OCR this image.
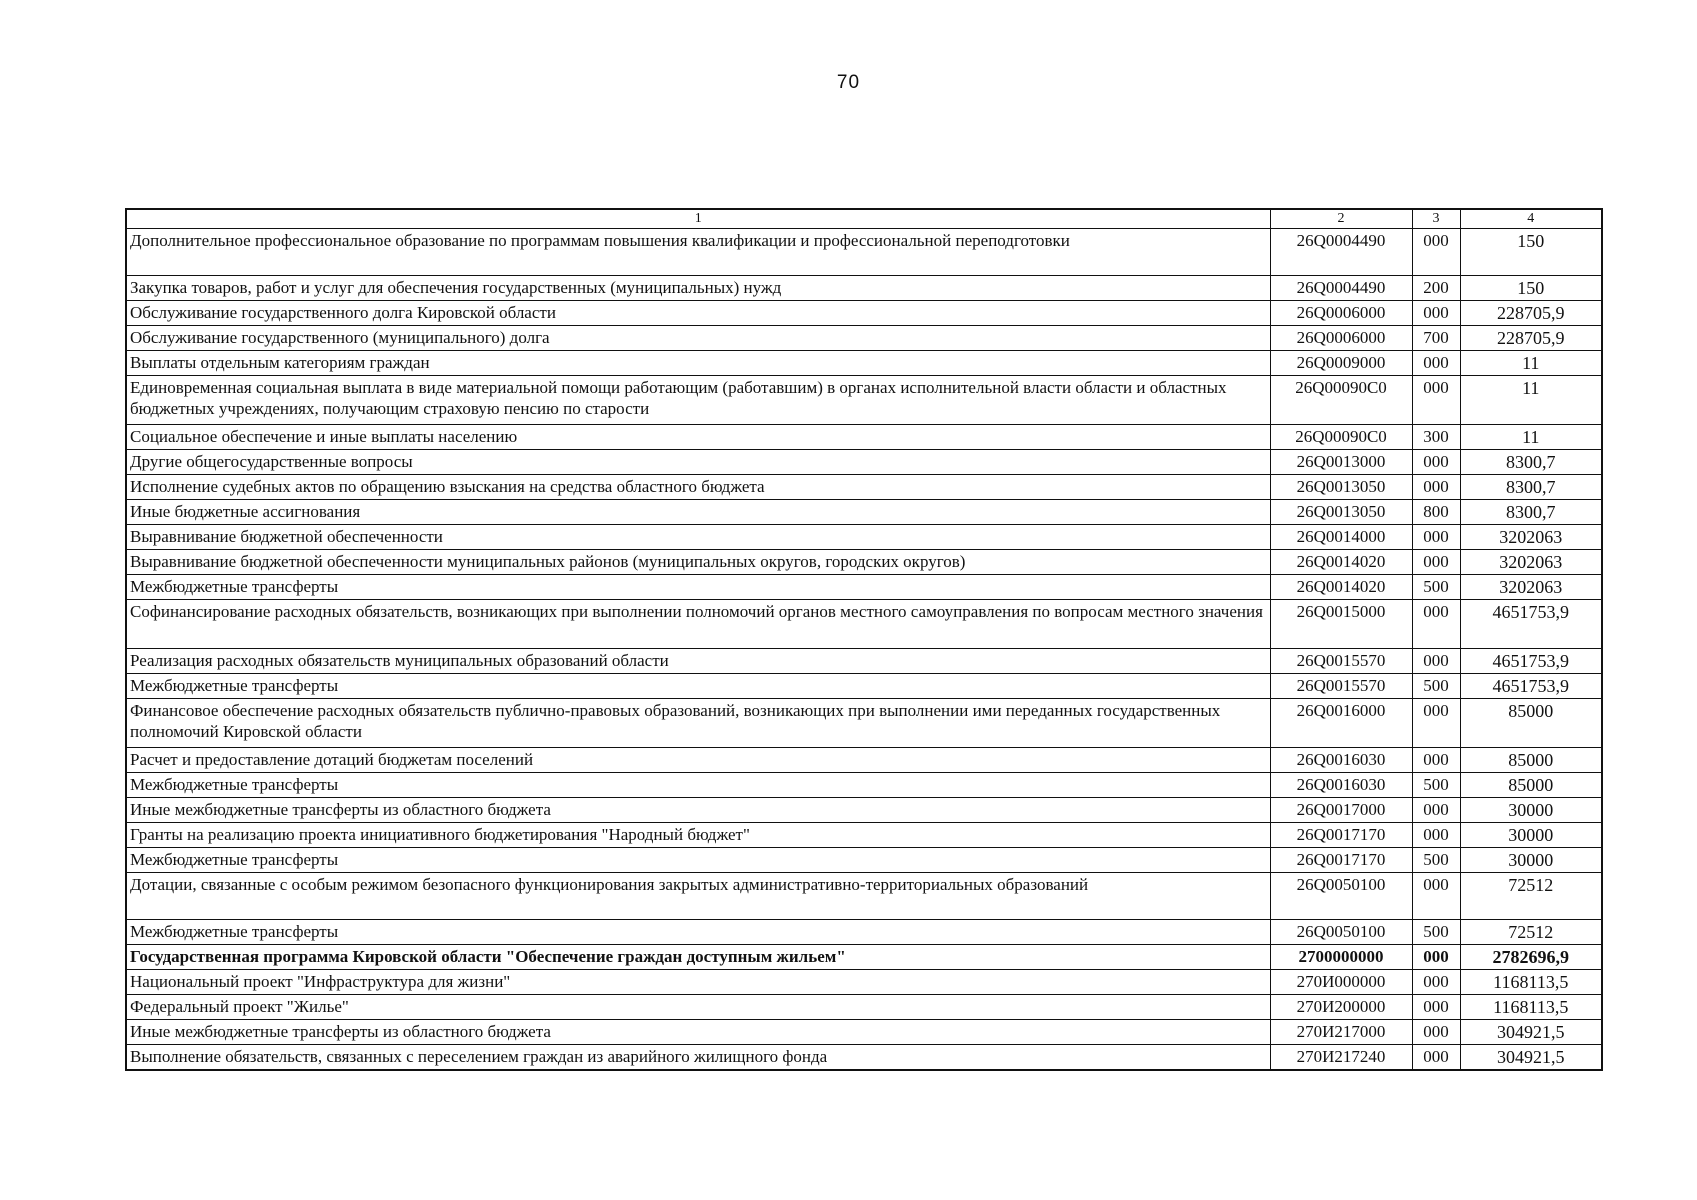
70
1	2	3	4
Дополнительное профессиональное образование по программам повышения квалификации и профессиональной переподготовки	26Q0004490	000	150
Закупка товаров, работ и услуг для обеспечения государственных (муниципальных) нужд	26Q0004490	200	150
Обслуживание государственного долга Кировской области	26Q0006000	000	228705,9
Обслуживание государственного (муниципального) долга	26Q0006000	700	228705,9
Выплаты отдельным категориям граждан	26Q0009000	000	11
Единовременная социальная выплата в виде материальной помощи работающим (работавшим) в органах исполнительной власти области и областных бюджетных учреждениях, получающим страховую пенсию по старости	26Q00090С0	000	11
Социальное обеспечение и иные выплаты населению	26Q00090С0	300	11
Другие общегосударственные вопросы	26Q0013000	000	8300,7
Исполнение судебных актов по обращению взыскания на средства областного бюджета	26Q0013050	000	8300,7
Иные бюджетные ассигнования	26Q0013050	800	8300,7
Выравнивание бюджетной обеспеченности	26Q0014000	000	3202063
Выравнивание бюджетной обеспеченности муниципальных районов (муниципальных округов, городских округов)	26Q0014020	000	3202063
Межбюджетные трансферты	26Q0014020	500	3202063
Софинансирование расходных обязательств, возникающих при выполнении полномочий органов местного самоуправления по вопросам местного значения	26Q0015000	000	4651753,9
Реализация расходных обязательств муниципальных образований области	26Q0015570	000	4651753,9
Межбюджетные трансферты	26Q0015570	500	4651753,9
Финансовое обеспечение расходных обязательств публично-правовых образований, возникающих при выполнении ими переданных государственных полномочий Кировской области	26Q0016000	000	85000
Расчет и предоставление дотаций бюджетам поселений	26Q0016030	000	85000
Межбюджетные трансферты	26Q0016030	500	85000
Иные межбюджетные трансферты из областного бюджета	26Q0017000	000	30000
Гранты на реализацию проекта инициативного бюджетирования "Народный бюджет"	26Q0017170	000	30000
Межбюджетные трансферты	26Q0017170	500	30000
Дотации, связанные с особым режимом безопасного функционирования закрытых административно-территориальных образований	26Q0050100	000	72512
Межбюджетные трансферты	26Q0050100	500	72512
Государственная программа Кировской области "Обеспечение граждан доступным жильем"	2700000000	000	2782696,9
Национальный проект "Инфраструктура для жизни"	270И000000	000	1168113,5
Федеральный проект "Жилье"	270И200000	000	1168113,5
Иные межбюджетные трансферты из областного бюджета	270И217000	000	304921,5
Выполнение обязательств, связанных с переселением граждан из аварийного жилищного фонда	270И217240	000	304921,5
